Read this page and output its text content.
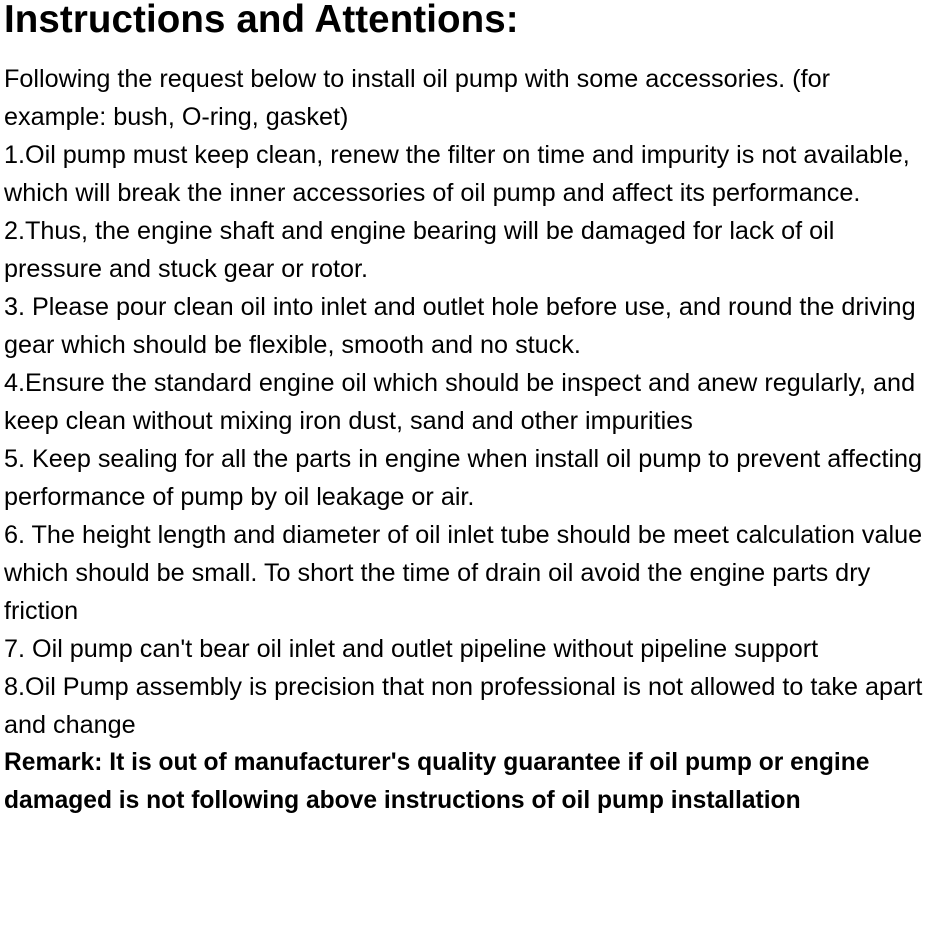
Instructions and Attentions:

Following the request below to install oil pump with some accessories. (for example: bush, O-ring, gasket)

1.Oil pump must keep clean, renew the filter on time and impurity is not available, which will break the inner accessories of oil pump and affect its performance.

2.Thus, the engine shaft and engine bearing will be damaged for lack of oil pressure and stuck gear or rotor.

3. Please pour clean oil into inlet and outlet hole before use, and round the driving gear which should be flexible, smooth and no stuck.

4.Ensure the standard engine oil which should be inspect and anew regularly, and keep clean without mixing iron dust, sand and other impurities

5. Keep sealing for all the parts in engine when install oil pump to prevent affecting performance of pump by oil leakage or air.

6. The height length and diameter of oil inlet tube should be meet calculation value which should be small. To short the time of drain oil avoid the engine parts dry friction

7. Oil pump can't bear oil inlet and outlet pipeline without pipeline support

8.Oil Pump assembly is precision that non professional is not allowed to take apart and change

Remark: It is out of manufacturer's quality guarantee if oil pump or engine damaged is not following above instructions of oil pump installation
